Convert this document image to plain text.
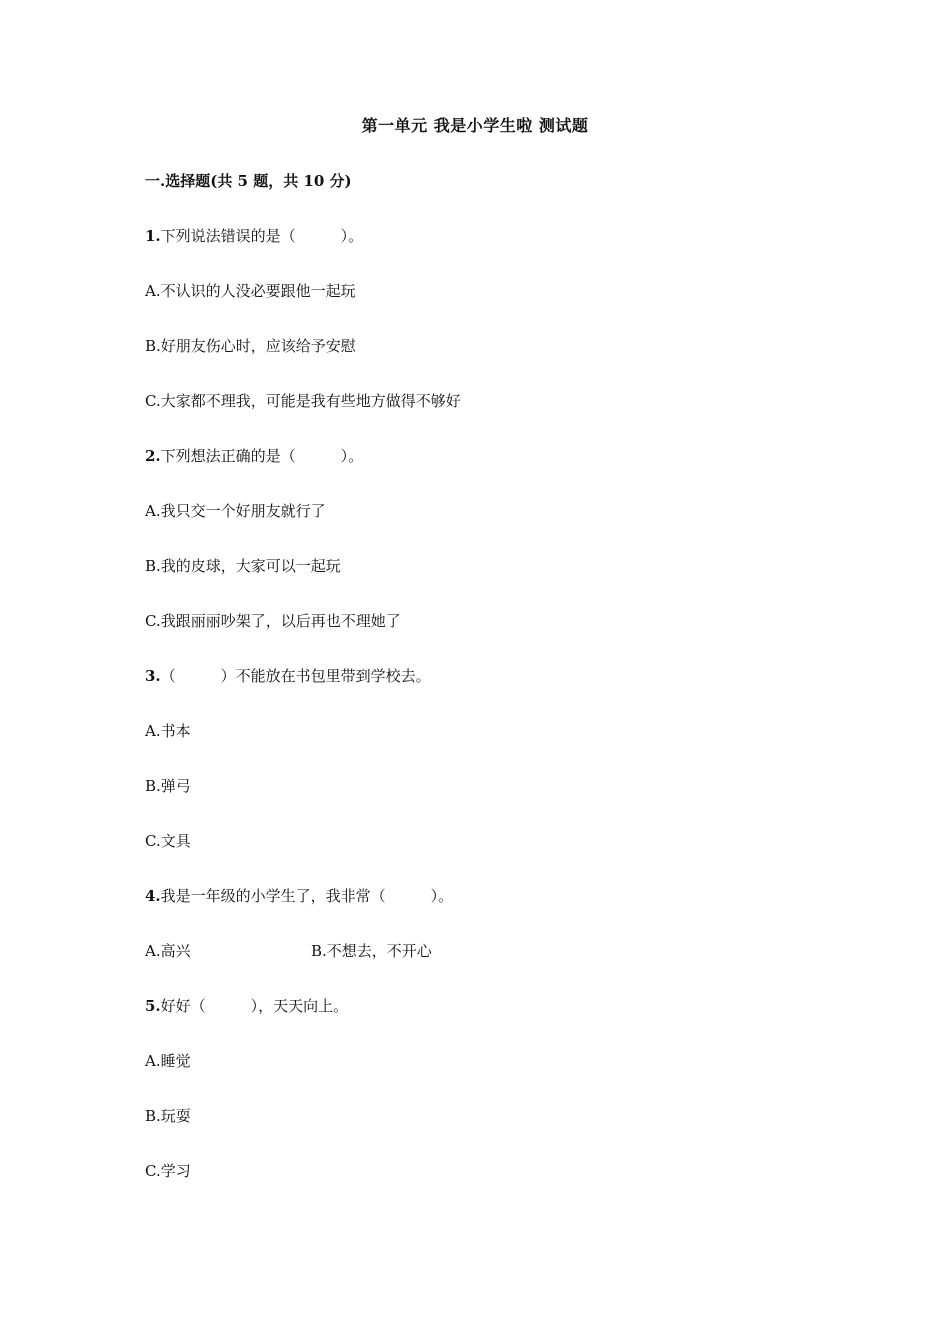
第一单元 我是小学生啦 测试题
一.选择题(共 5 题，共 10 分)
1.下列说法错误的是（　　　）。
A.不认识的人没必要跟他一起玩
B.好朋友伤心时，应该给予安慰
C.大家都不理我，可能是我有些地方做得不够好
2.下列想法正确的是（　　　）。
A.我只交一个好朋友就行了
B.我的皮球，大家可以一起玩
C.我跟丽丽吵架了，以后再也不理她了
3.（　　　）不能放在书包里带到学校去。
A.书本
B.弹弓
C.文具
4.我是一年级的小学生了，我非常（　　　）。
A.高兴	B.不想去，不开心
5.好好（　　　），天天向上。
A.睡觉
B.玩耍
C.学习
